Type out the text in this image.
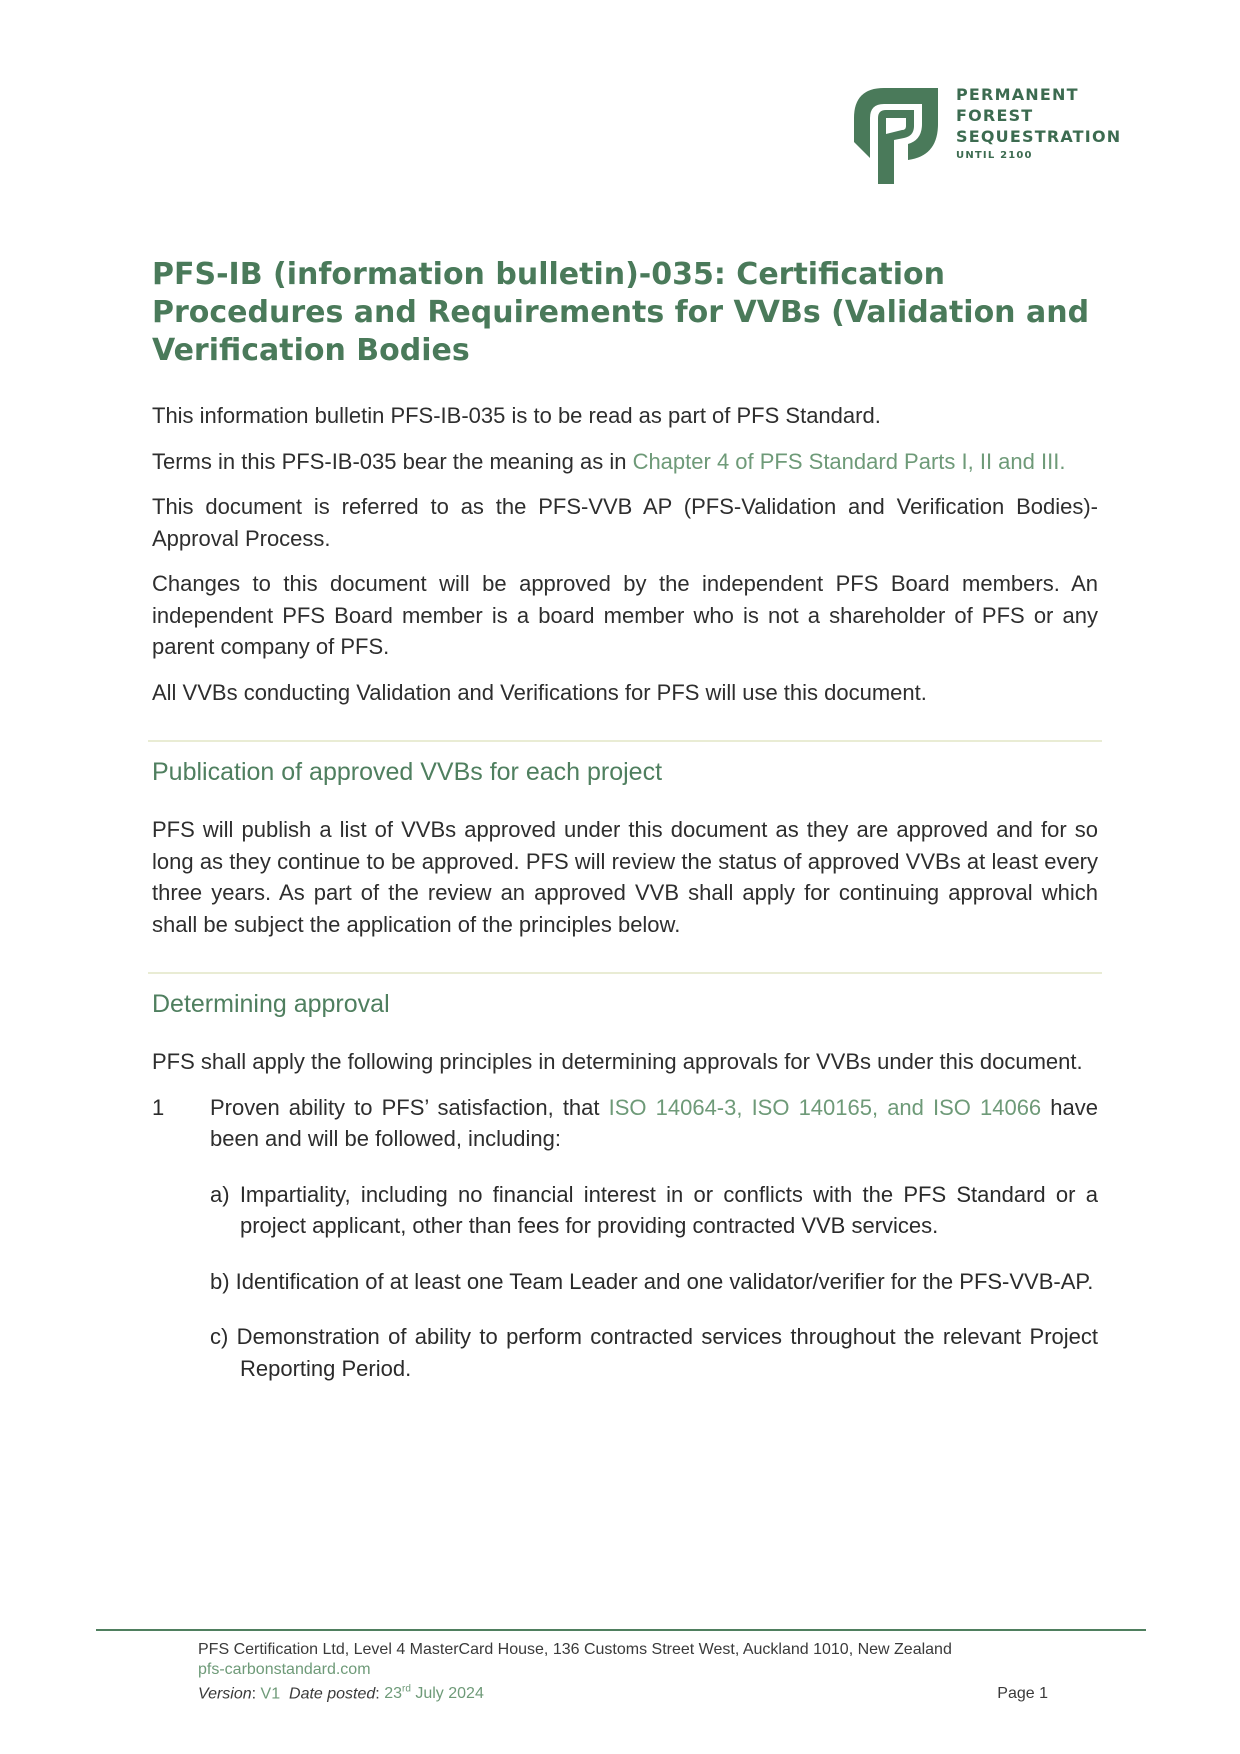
PERMANENT
FOREST
SEQUESTRATION
UNTIL 2100
PFS-IB (information bulletin)-035: Certification Procedures and Requirements for VVBs (Validation and Verification Bodies

This information bulletin PFS-IB-035 is to be read as part of PFS Standard.

Terms in this PFS-IB-035 bear the meaning as in Chapter 4 of PFS Standard Parts I, II and III.

This document is referred to as the PFS-VVB AP (PFS-Validation and Verification Bodies)-Approval Process.

Changes to this document will be approved by the independent PFS Board members. An independent PFS Board member is a board member who is not a shareholder of PFS or any parent company of PFS.

All VVBs conducting Validation and Verifications for PFS will use this document.

Publication of approved VVBs for each project

PFS will publish a list of VVBs approved under this document as they are approved and for so long as they continue to be approved. PFS will review the status of approved VVBs at least every three years. As part of the review an approved VVB shall apply for continuing approval which shall be subject the application of the principles below.

Determining approval

PFS shall apply the following principles in determining approvals for VVBs under this document.

1	Proven ability to PFS’ satisfaction, that ISO 14064-3, ISO 140165, and ISO 14066 have been and will be followed, including:

a) Impartiality, including no financial interest in or conflicts with the PFS Standard or a project applicant, other than fees for providing contracted VVB services.
b) Identification of at least one Team Leader and one validator/verifier for the PFS-VVB-AP.
c) Demonstration of ability to perform contracted services throughout the relevant Project Reporting Period.
PFS Certification Ltd, Level 4 MasterCard House, 136 Customs Street West, Auckland 1010, New Zealand
pfs-carbonstandard.com
Version: V1 Date posted: 23rd July 2024	Page 1
